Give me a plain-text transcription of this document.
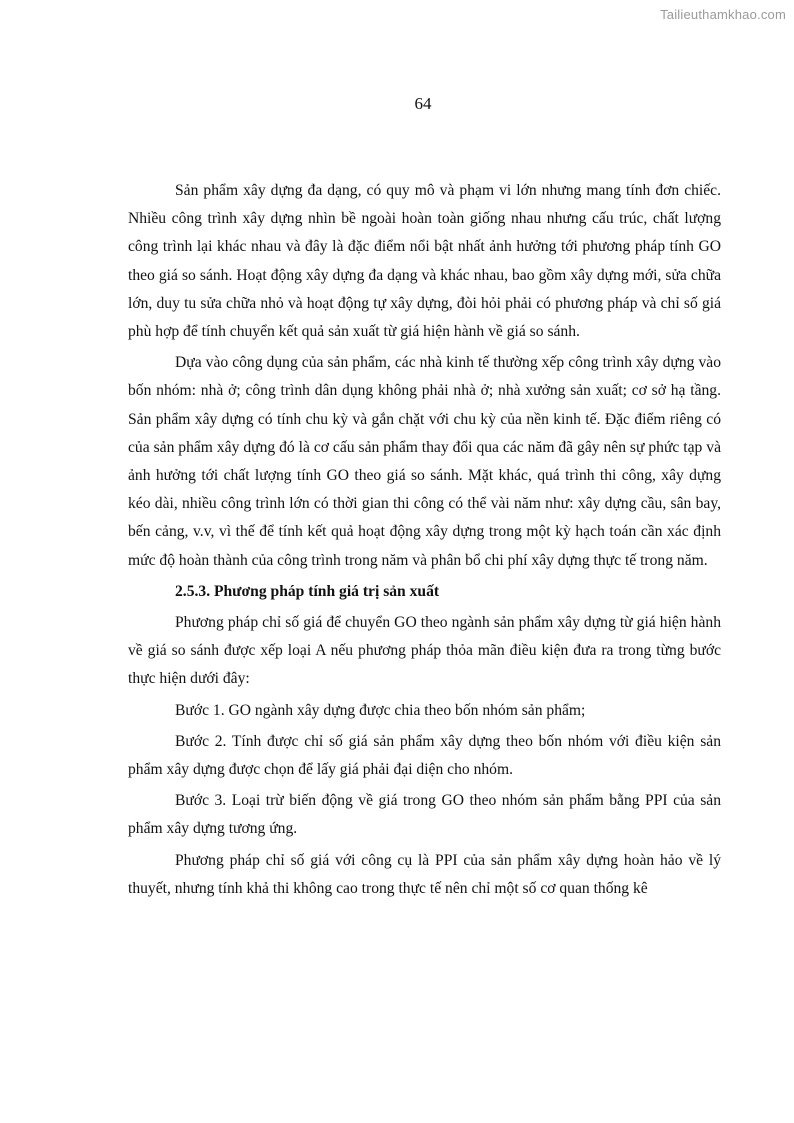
Tailieuthamkhao.com
64

Sản phẩm xây dựng đa dạng, có quy mô và phạm vi lớn nhưng mang tính đơn chiếc. Nhiều công trình xây dựng nhìn bề ngoài hoàn toàn giống nhau nhưng cấu trúc, chất lượng công trình lại khác nhau và đây là đặc điểm nổi bật nhất ảnh hưởng tới phương pháp tính GO theo giá so sánh. Hoạt động xây dựng đa dạng và khác nhau, bao gồm xây dựng mới, sửa chữa lớn, duy tu sửa chữa nhỏ và hoạt động tự xây dựng, đòi hỏi phải có phương pháp và chỉ số giá phù hợp để tính chuyển kết quả sản xuất từ giá hiện hành về giá so sánh.

Dựa vào công dụng của sản phẩm, các nhà kinh tế thường xếp công trình xây dựng vào bốn nhóm: nhà ở; công trình dân dụng không phải nhà ở; nhà xưởng sản xuất; cơ sở hạ tầng. Sản phẩm xây dựng có tính chu kỳ và gắn chặt với chu kỳ của nền kinh tế. Đặc điểm riêng có của sản phẩm xây dựng đó là cơ cấu sản phẩm thay đổi qua các năm đã gây nên sự phức tạp và ảnh hưởng tới chất lượng tính GO theo giá so sánh. Mặt khác, quá trình thi công, xây dựng kéo dài, nhiều công trình lớn có thời gian thi công có thể vài năm như: xây dựng cầu, sân bay, bến cảng, v.v, vì thế để tính kết quả hoạt động xây dựng trong một kỳ hạch toán cần xác định mức độ hoàn thành của công trình trong năm và phân bổ chi phí xây dựng thực tế trong năm.

2.5.3. Phương pháp tính giá trị sản xuất

Phương pháp chỉ số giá để chuyển GO theo ngành sản phẩm xây dựng từ giá hiện hành về giá so sánh được xếp loại A nếu phương pháp thỏa mãn điều kiện đưa ra trong từng bước thực hiện dưới đây:

Bước 1. GO ngành xây dựng được chia theo bốn nhóm sản phẩm;

Bước 2. Tính được chỉ số giá sản phẩm xây dựng theo bốn nhóm với điều kiện sản phẩm xây dựng được chọn để lấy giá phải đại diện cho nhóm.

Bước 3. Loại trừ biến động về giá trong GO theo nhóm sản phẩm bằng PPI của sản phẩm xây dựng tương ứng.

Phương pháp chỉ số giá với công cụ là PPI của sản phẩm xây dựng hoàn hảo về lý thuyết, nhưng tính khả thi không cao trong thực tế nên chỉ một số cơ quan thống kê
